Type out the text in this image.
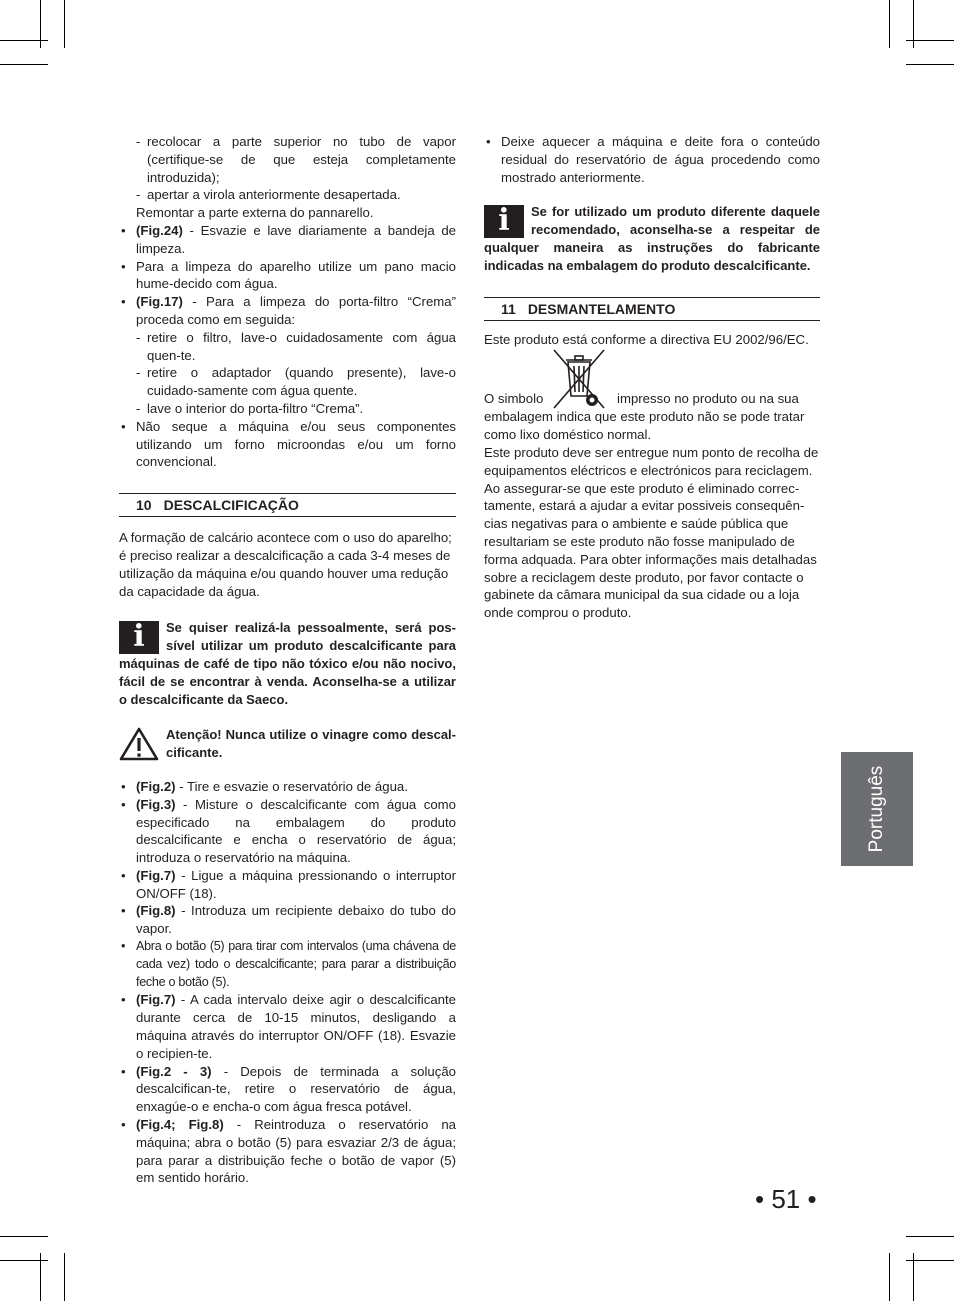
- recolocar a parte superior no tubo de vapor (certifique-se de que esteja completamente introduzida);
- apertar a virola anteriormente desapertada.
Remontar a parte externa do pannarello.
• (Fig.24) - Esvazie e lave diariamente a bandeja de limpeza.
• Para a limpeza do aparelho utilize um pano macio hume-decido com água.
• (Fig.17) - Para a limpeza do porta-filtro “Crema” proceda como em seguida:
- retire o filtro, lave-o cuidadosamente com água quen-te.
- retire o adaptador (quando presente), lave-o cuidado-samente com água quente.
- lave o interior do porta-filtro “Crema”.
• Não seque a máquina e/ou seus componentes utilizando um forno microondas e/ou um forno convencional.
10 DESCALCIFICAÇÃO

A formação de calcário acontece com o uso do aparelho; é preciso realizar a descalcificação a cada 3-4 meses de utilização da máquina e/ou quando houver uma redução da capacidade da água.

i	Se quiser realizá-la pessoalmente, será pos-sível utilizar um produto descalcificante para máquinas de café de tipo não tóxico e/ou não nocivo, fácil de se encontrar à venda. Aconselha-se a utilizar o descalcificante da Saeco.
Atenção! Nunca utilize o vinagre como descal-cificante.
• (Fig.2) - Tire e esvazie o reservatório de água.
• (Fig.3) - Misture o descalcificante com água como especificado na embalagem do produto descalcificante e encha o reservatório de água; introduza o reservatório na máquina.
• (Fig.7) - Ligue a máquina pressionando o interruptor ON/OFF (18).
• (Fig.8) - Introduza um recipiente debaixo do tubo do vapor.
• Abra o botão (5) para tirar com intervalos (uma chávena de cada vez) todo o descalcificante; para parar a distribuição feche o botão (5).
• (Fig.7) - A cada intervalo deixe agir o descalcificante durante cerca de 10-15 minutos, desligando a máquina através do interruptor ON/OFF (18). Esvazie o recipien-te.
• (Fig.2 - 3) - Depois de terminada a solução descalcifican-te, retire o reservatório de água, enxagúe-o e encha-o com água fresca potável.
• (Fig.4; Fig.8) - Reintroduza o reservatório na máquina; abra o botão (5) para esvaziar 2/3 de água; para parar a distribuição feche o botão de vapor (5) em sentido horário.
• Deixe aquecer a máquina e deite fora o conteúdo residual do reservatório de água procedendo como mostrado anteriormente.
i	Se for utilizado um produto diferente daquele recomendado, aconselha-se a respeitar de qualquer maneira as instruções do fabricante indicadas na embalagem do produto descalcificante.
11 DESMANTELAMENTO

Este produto está conforme a directiva EU 2002/96/EC.

O simbolo	impresso no produto ou na sua embalagem indica que este produto não se pode tratar como lixo doméstico normal.

Este produto deve ser entregue num ponto de recolha de equipamentos eléctricos e electrónicos para reciclagem. Ao assegurar-se que este produto é eliminado correc-tamente, estará a ajudar a evitar possiveis consequên-cias negativas para o ambiente e saúde pública que resultariam se este produto não fosse manipulado de forma adquada. Para obter informações mais detalhadas sobre a reciclagem deste produto, por favor contacte o gabinete da câmara municipal da sua cidade ou a loja onde comprou o produto.

Português
• 51 •
